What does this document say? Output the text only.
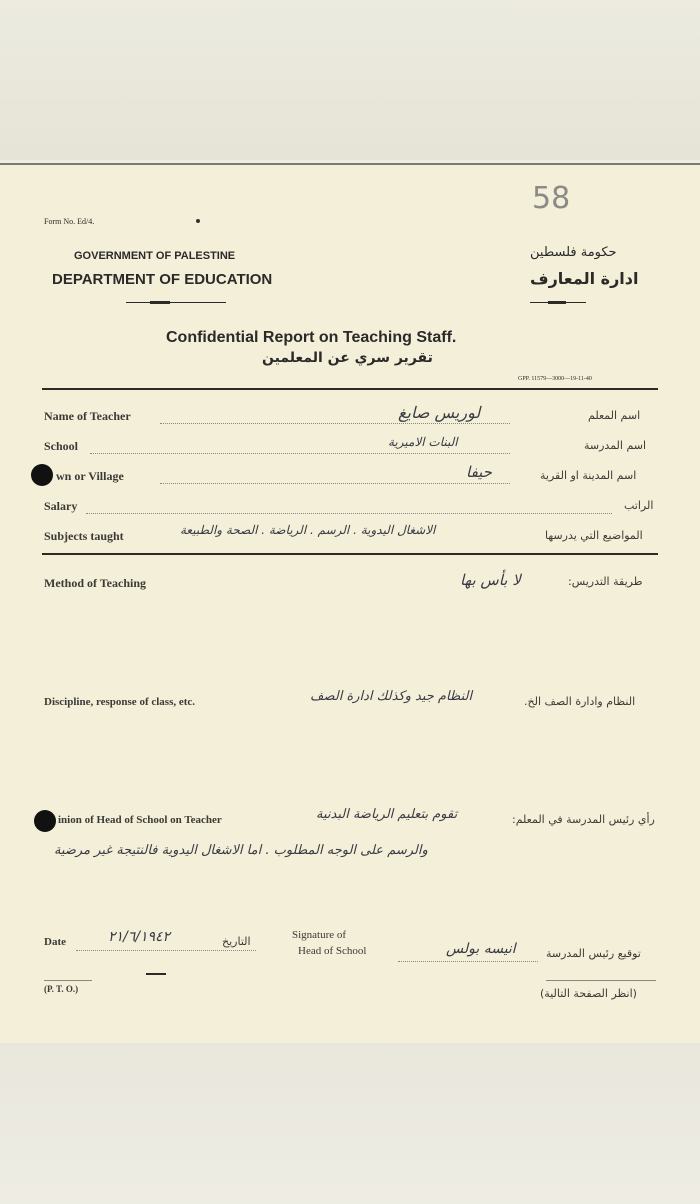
58
Form No. Ed/4.
GOVERNMENT OF PALESTINE
DEPARTMENT OF EDUCATION
حكومة فلسطين
ادارة المعارف
Confidential Report on Teaching Staff.
تقرير سري عن المعلمين
GPP. 11579—3000—19-11-40
Name of Teacher	لوريس صايغ	اسم المعلم
School	البنات الاميرية	اسم المدرسة
wn or Village	حيفا	اسم المدينة او القرية
Salary	الراتب
Subjects taught	الاشغال اليدوية . الرسم . الرياضة . الصحة والطبيعة	المواضيع التي يدرسها
Method of Teaching	لا بأس بها	طريقة التدريس:
Discipline, response of class, etc.	النظام جيد وكذلك ادارة الصف	النظام وادارة الصف الخ.
inion of Head of School on Teacher	تقوم بتعليم الرياضة البدنية	رأي رئيس المدرسة في المعلم:
والرسم على الوجه المطلوب . اما الاشغال اليدوية فالنتيجة غير مرضية
Date	٢١/٦/١٩٤٢	التاريخ	Signature of
Head of School	انيسه بولس	توقيع رئيس المدرسة
(P. T. O.)	(انظر الصفحة التالية)
